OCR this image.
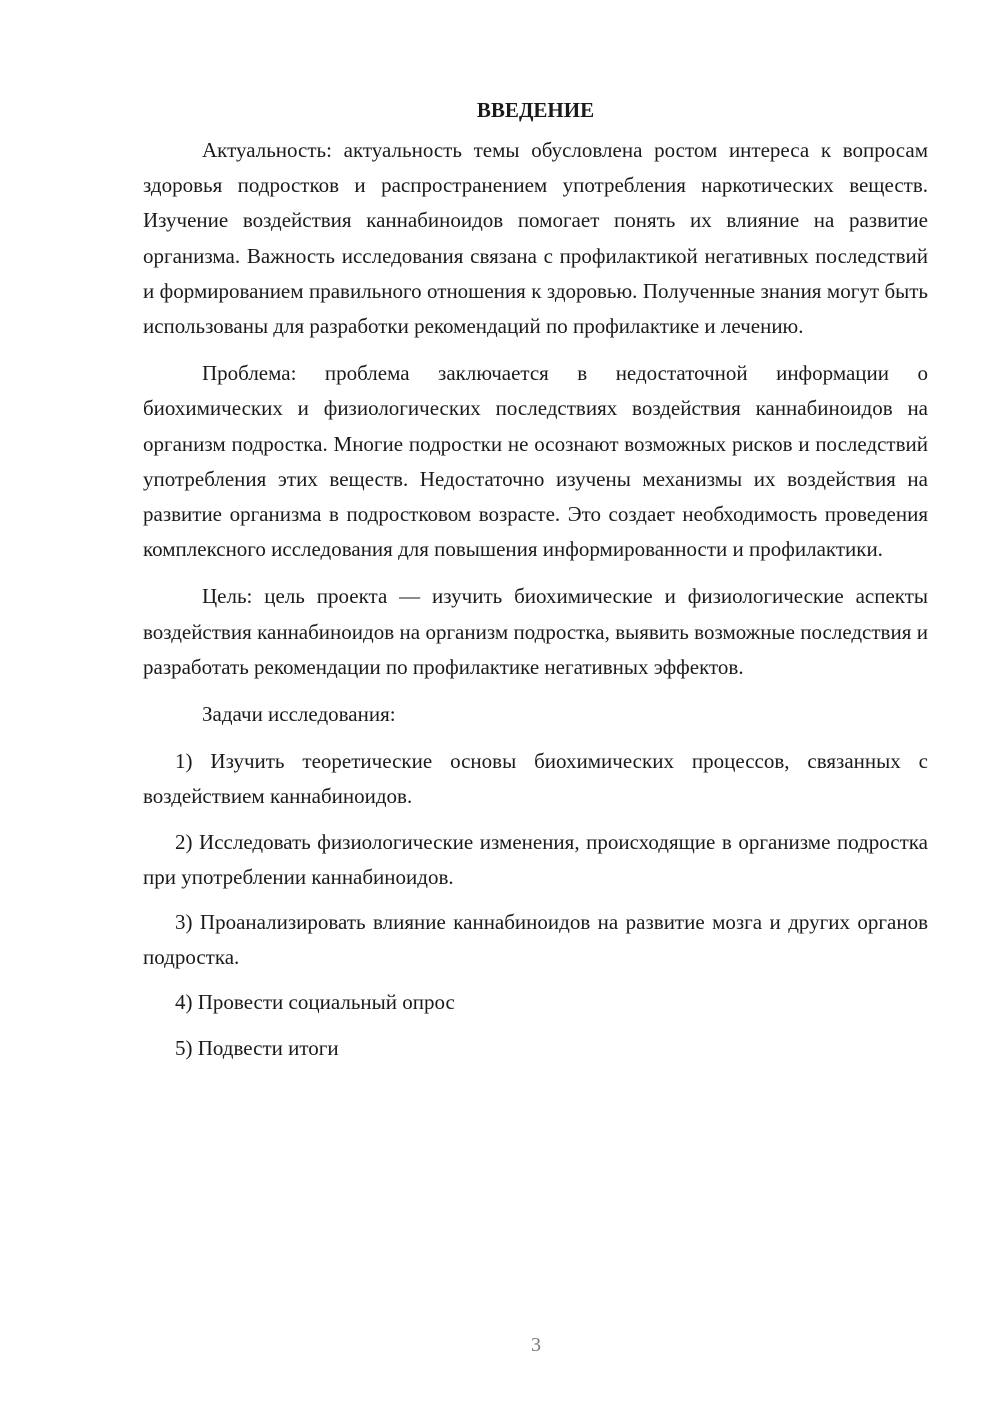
ВВЕДЕНИЕ

Актуальность: актуальность темы обусловлена ростом интереса к вопросам здоровья подростков и распространением употребления наркотических веществ. Изучение воздействия каннабиноидов помогает понять их влияние на развитие организма. Важность исследования связана с профилактикой негативных последствий и формированием правильного отношения к здоровью. Полученные знания могут быть использованы для разработки рекомендаций по профилактике и лечению.

Проблема: проблема заключается в недостаточной информации о биохимических и физиологических последствиях воздействия каннабиноидов на организм подростка. Многие подростки не осознают возможных рисков и последствий употребления этих веществ. Недостаточно изучены механизмы их воздействия на развитие организма в подростковом возрасте. Это создает необходимость проведения комплексного исследования для повышения информированности и профилактики.

Цель: цель проекта — изучить биохимические и физиологические аспекты воздействия каннабиноидов на организм подростка, выявить возможные последствия и разработать рекомендации по профилактике негативных эффектов.

Задачи исследования:

1) Изучить теоретические основы биохимических процессов, связанных с воздействием каннабиноидов.

2) Исследовать физиологические изменения, происходящие в организме подростка при употреблении каннабиноидов.

3) Проанализировать влияние каннабиноидов на развитие мозга и других органов подростка.

4) Провести социальный опрос

5) Подвести итоги

3
